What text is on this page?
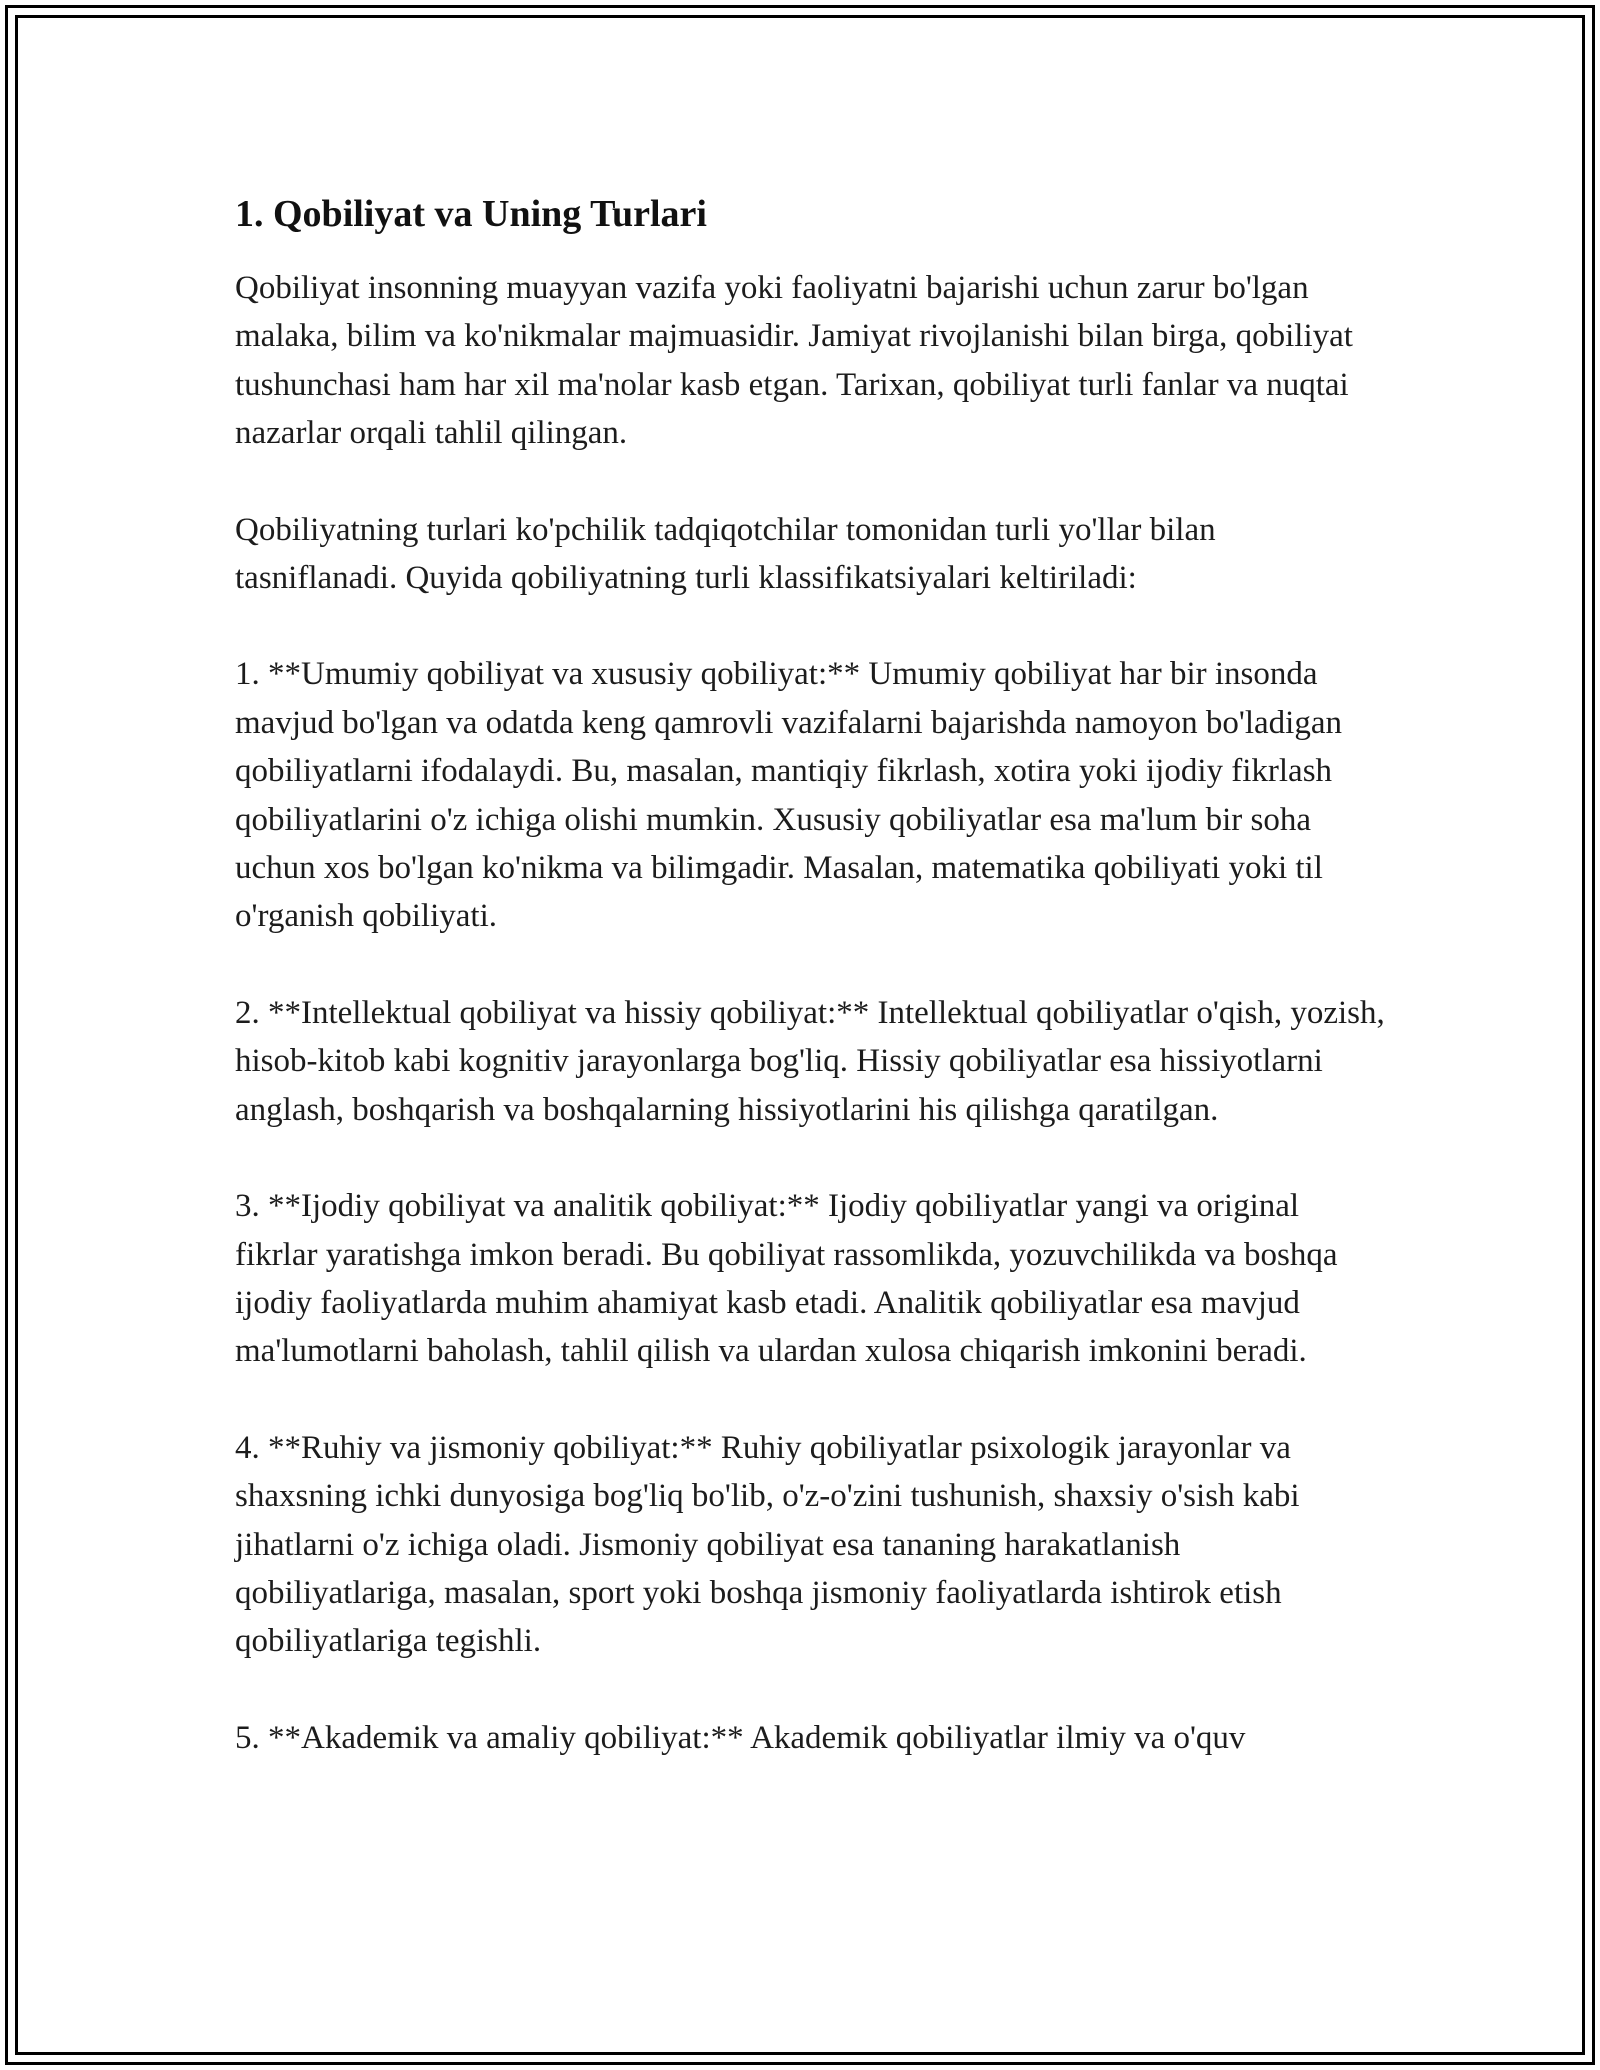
1. Qobiliyat va Uning Turlari

Qobiliyat insonning muayyan vazifa yoki faoliyatni bajarishi uchun zarur bo'lgan malaka, bilim va ko'nikmalar majmuasidir. Jamiyat rivojlanishi bilan birga, qobiliyat tushunchasi ham har xil ma'nolar kasb etgan. Tarixan, qobiliyat turli fanlar va nuqtai nazarlar orqali tahlil qilingan.

Qobiliyatning turlari ko'pchilik tadqiqotchilar tomonidan turli yo'llar bilan tasniflanadi. Quyida qobiliyatning turli klassifikatsiyalari keltiriladi:

1. **Umumiy qobiliyat va xususiy qobiliyat:** Umumiy qobiliyat har bir insonda mavjud bo'lgan va odatda keng qamrovli vazifalarni bajarishda namoyon bo'ladigan qobiliyatlarni ifodalaydi. Bu, masalan, mantiqiy fikrlash, xotira yoki ijodiy fikrlash qobiliyatlarini o'z ichiga olishi mumkin. Xususiy qobiliyatlar esa ma'lum bir soha uchun xos bo'lgan ko'nikma va bilimgadir. Masalan, matematika qobiliyati yoki til o'rganish qobiliyati.

2. **Intellektual qobiliyat va hissiy qobiliyat:** Intellektual qobiliyatlar o'qish, yozish, hisob-kitob kabi kognitiv jarayonlarga bog'liq. Hissiy qobiliyatlar esa hissiyotlarni anglash, boshqarish va boshqalarning hissiyotlarini his qilishga qaratilgan.

3. **Ijodiy qobiliyat va analitik qobiliyat:** Ijodiy qobiliyatlar yangi va original fikrlar yaratishga imkon beradi. Bu qobiliyat rassomlikda, yozuvchilikda va boshqa ijodiy faoliyatlarda muhim ahamiyat kasb etadi. Analitik qobiliyatlar esa mavjud ma'lumotlarni baholash, tahlil qilish va ulardan xulosa chiqarish imkonini beradi.

4. **Ruhiy va jismoniy qobiliyat:** Ruhiy qobiliyatlar psixologik jarayonlar va shaxsning ichki dunyosiga bog'liq bo'lib, o'z-o'zini tushunish, shaxsiy o'sish kabi jihatlarni o'z ichiga oladi. Jismoniy qobiliyat esa tananing harakatlanish qobiliyatlariga, masalan, sport yoki boshqa jismoniy faoliyatlarda ishtirok etish qobiliyatlariga tegishli.

5. **Akademik va amaliy qobiliyat:** Akademik qobiliyatlar ilmiy va o'quv
